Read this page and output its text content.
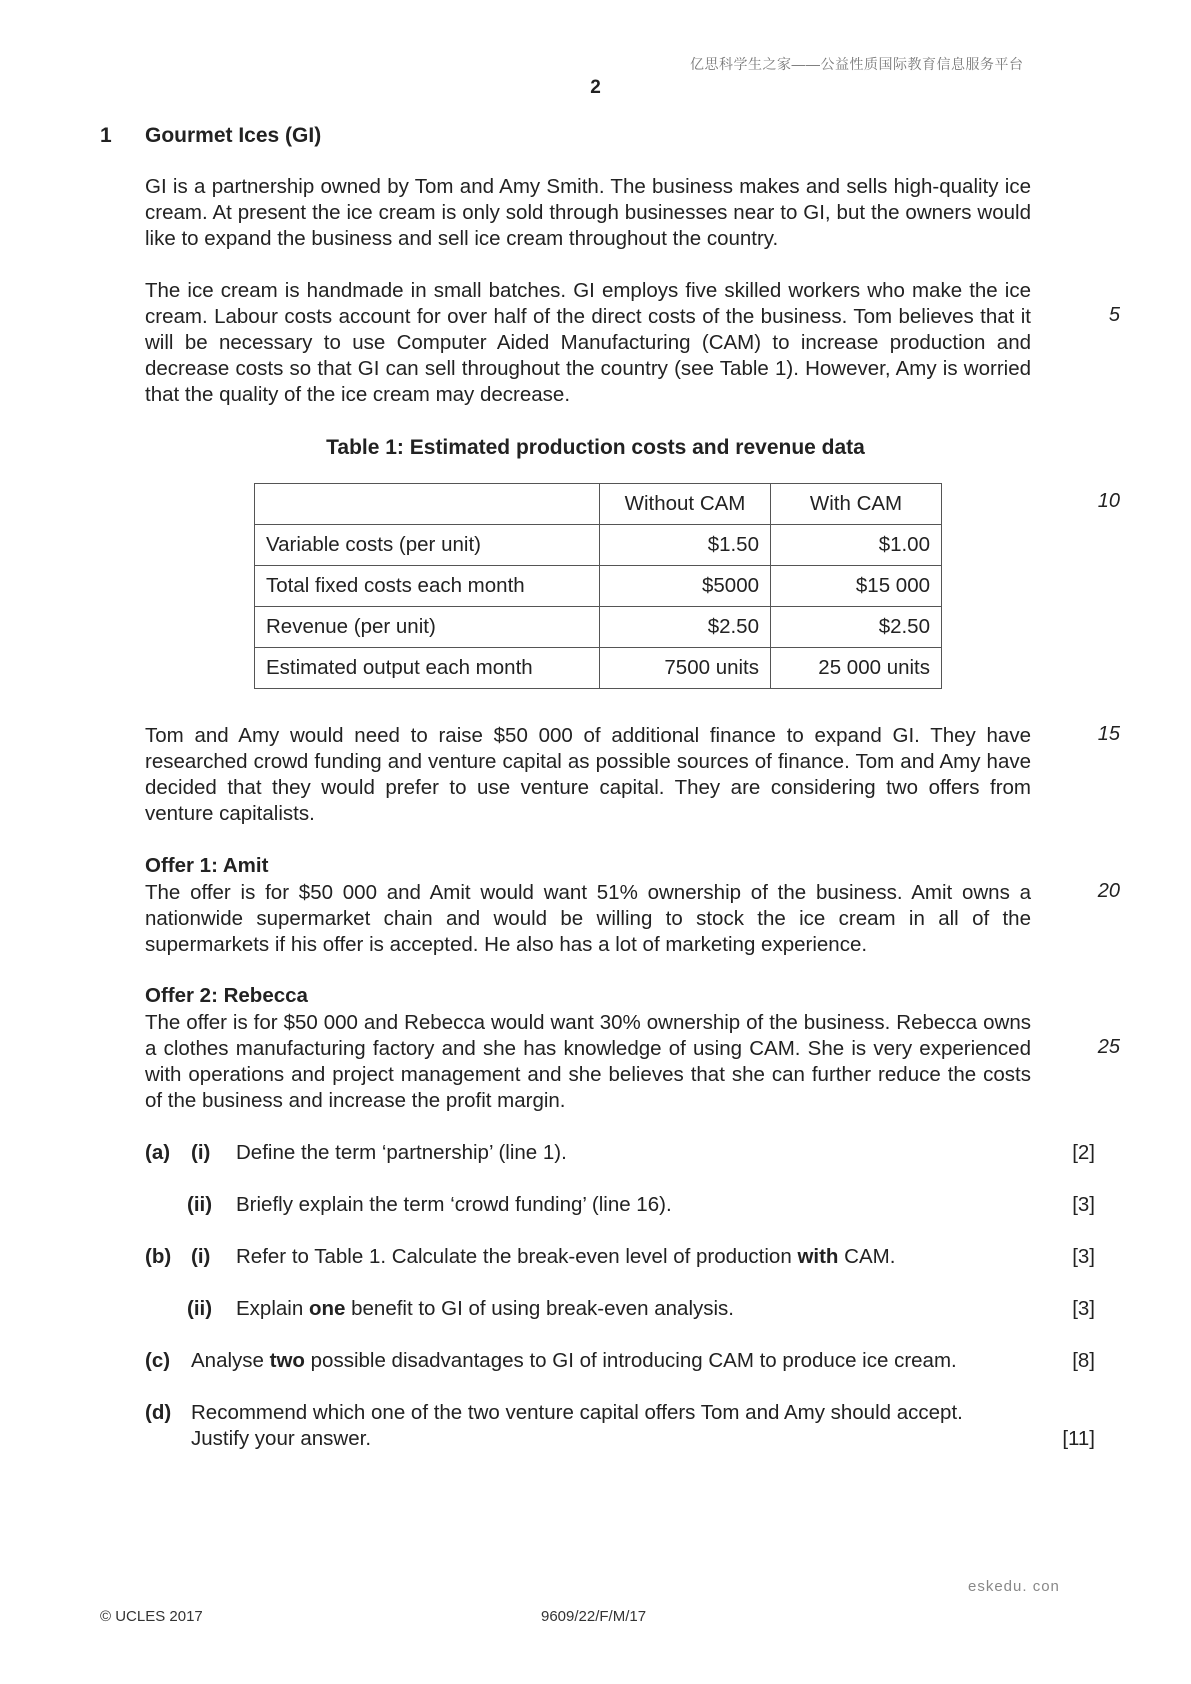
亿思科学生之家——公益性质国际教育信息服务平台
2
1 Gourmet Ices (GI)

GI is a partnership owned by Tom and Amy Smith. The business makes and sells high-quality ice cream. At present the ice cream is only sold through businesses near to GI, but the owners would like to expand the business and sell ice cream throughout the country.

The ice cream is handmade in small batches. GI employs five skilled workers who make the ice cream. Labour costs account for over half of the direct costs of the business. Tom believes that it will be necessary to use Computer Aided Manufacturing (CAM) to increase production and decrease costs so that GI can sell throughout the country (see Table 1). However, Amy is worried that the quality of the ice cream may decrease.

5
10
15
20
25
Table 1: Estimated production costs and revenue data
	Without CAM	With CAM
Variable costs (per unit)	$1.50	$1.00
Total fixed costs each month	$5000	$15 000
Revenue (per unit)	$2.50	$2.50
Estimated output each month	7500 units	25 000 units

Tom and Amy would need to raise $50 000 of additional finance to expand GI. They have researched crowd funding and venture capital as possible sources of finance. Tom and Amy have decided that they would prefer to use venture capital. They are considering two offers from venture capitalists.

Offer 1: Amit

The offer is for $50 000 and Amit would want 51% ownership of the business. Amit owns a nationwide supermarket chain and would be willing to stock the ice cream in all of the supermarkets if his offer is accepted. He also has a lot of marketing experience.

Offer 2: Rebecca

The offer is for $50 000 and Rebecca would want 30% ownership of the business. Rebecca owns a clothes manufacturing factory and she has knowledge of using CAM. She is very experienced with operations and project management and she believes that she can further reduce the costs of the business and increase the profit margin.

(a) (i) Define the term ‘partnership’ (line 1).	[2]
(ii) Briefly explain the term ‘crowd funding’ (line 16).	[3]
(b) (i) Refer to Table 1. Calculate the break-even level of production with CAM.	[3]
(ii) Explain one benefit to GI of using break-even analysis.	[3]
(c) Analyse two possible disadvantages to GI of introducing CAM to produce ice cream.	[8]
(d) Recommend which one of the two venture capital offers Tom and Amy should accept.
Justify your answer.	[11]
eskedu. con
© UCLES 2017	9609/22/F/M/17
